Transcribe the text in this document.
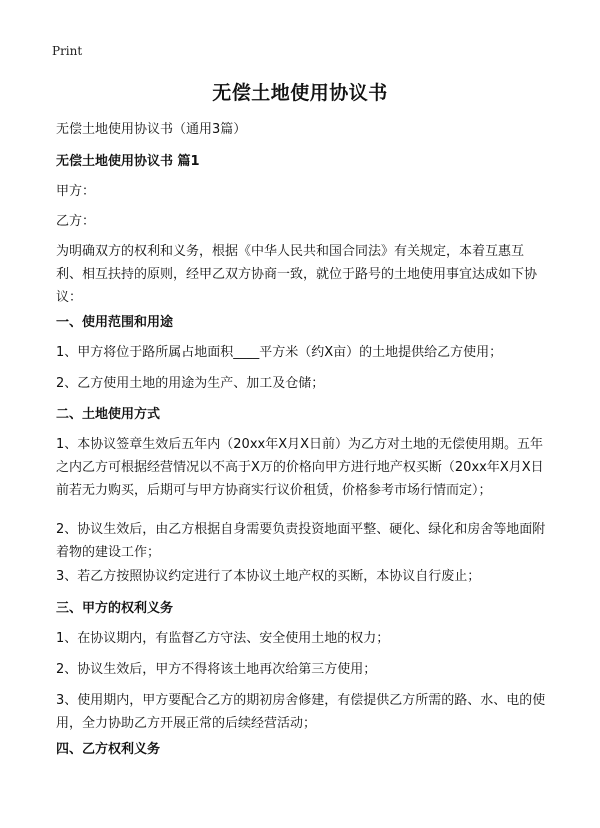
Print
无偿土地使用协议书
无偿土地使用协议书（通用3篇）
无偿土地使用协议书 篇1
甲方：
乙方：

为明确双方的权利和义务，根据《中华人民共和国合同法》有关规定，本着互惠互利、相互扶持的原则，经甲乙双方协商一致，就位于路号的土地使用事宜达成如下协议：

一、使用范围和用途

1、甲方将位于路所属占地面积____平方米（约X亩）的土地提供给乙方使用；

2、乙方使用土地的用途为生产、加工及仓储；

二、土地使用方式

1、本协议签章生效后五年内（20xx年X月X日前）为乙方对土地的无偿使用期。五年之内乙方可根据经营情况以不高于X万的价格向甲方进行地产权买断（20xx年X月X日前若无力购买，后期可与甲方协商实行议价租赁，价格参考市场行情而定）；

2、协议生效后，由乙方根据自身需要负责投资地面平整、硬化、绿化和房舍等地面附着物的建设工作；

3、若乙方按照协议约定进行了本协议土地产权的买断，本协议自行废止；

三、甲方的权利义务

1、在协议期内，有监督乙方守法、安全使用土地的权力；

2、协议生效后，甲方不得将该土地再次给第三方使用；

3、使用期内，甲方要配合乙方的期初房舍修建，有偿提供乙方所需的路、水、电的使用，全力协助乙方开展正常的后续经营活动；

四、乙方权利义务
